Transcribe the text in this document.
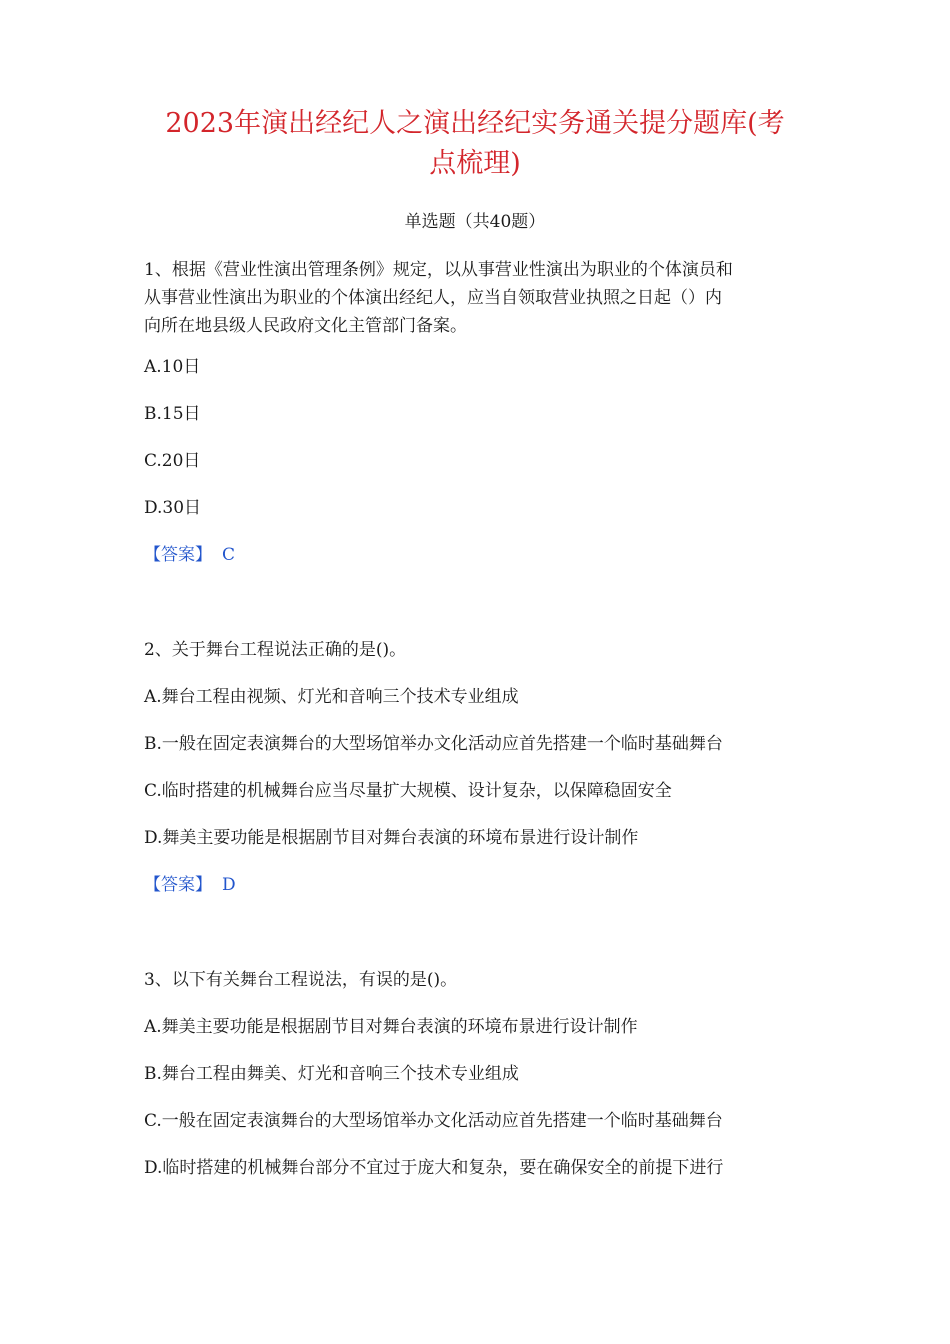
2023年演出经纪人之演出经纪实务通关提分题库(考
点梳理)
单选题（共40题）
1、根据《营业性演出管理条例》规定，以从事营业性演出为职业的个体演员和
从事营业性演出为职业的个体演出经纪人，应当自领取营业执照之日起（）内
向所在地县级人民政府文化主管部门备案。
A.10日
B.15日
C.20日
D.30日
【答案】 C
2、关于舞台工程说法正确的是()。
A.舞台工程由视频、灯光和音响三个技术专业组成
B.一般在固定表演舞台的大型场馆举办文化活动应首先搭建一个临时基础舞台
C.临时搭建的机械舞台应当尽量扩大规模、设计复杂，以保障稳固安全
D.舞美主要功能是根据剧节目对舞台表演的环境布景进行设计制作
【答案】 D
3、以下有关舞台工程说法，有误的是()。
A.舞美主要功能是根据剧节目对舞台表演的环境布景进行设计制作
B.舞台工程由舞美、灯光和音响三个技术专业组成
C.一般在固定表演舞台的大型场馆举办文化活动应首先搭建一个临时基础舞台
D.临时搭建的机械舞台部分不宜过于庞大和复杂，要在确保安全的前提下进行
